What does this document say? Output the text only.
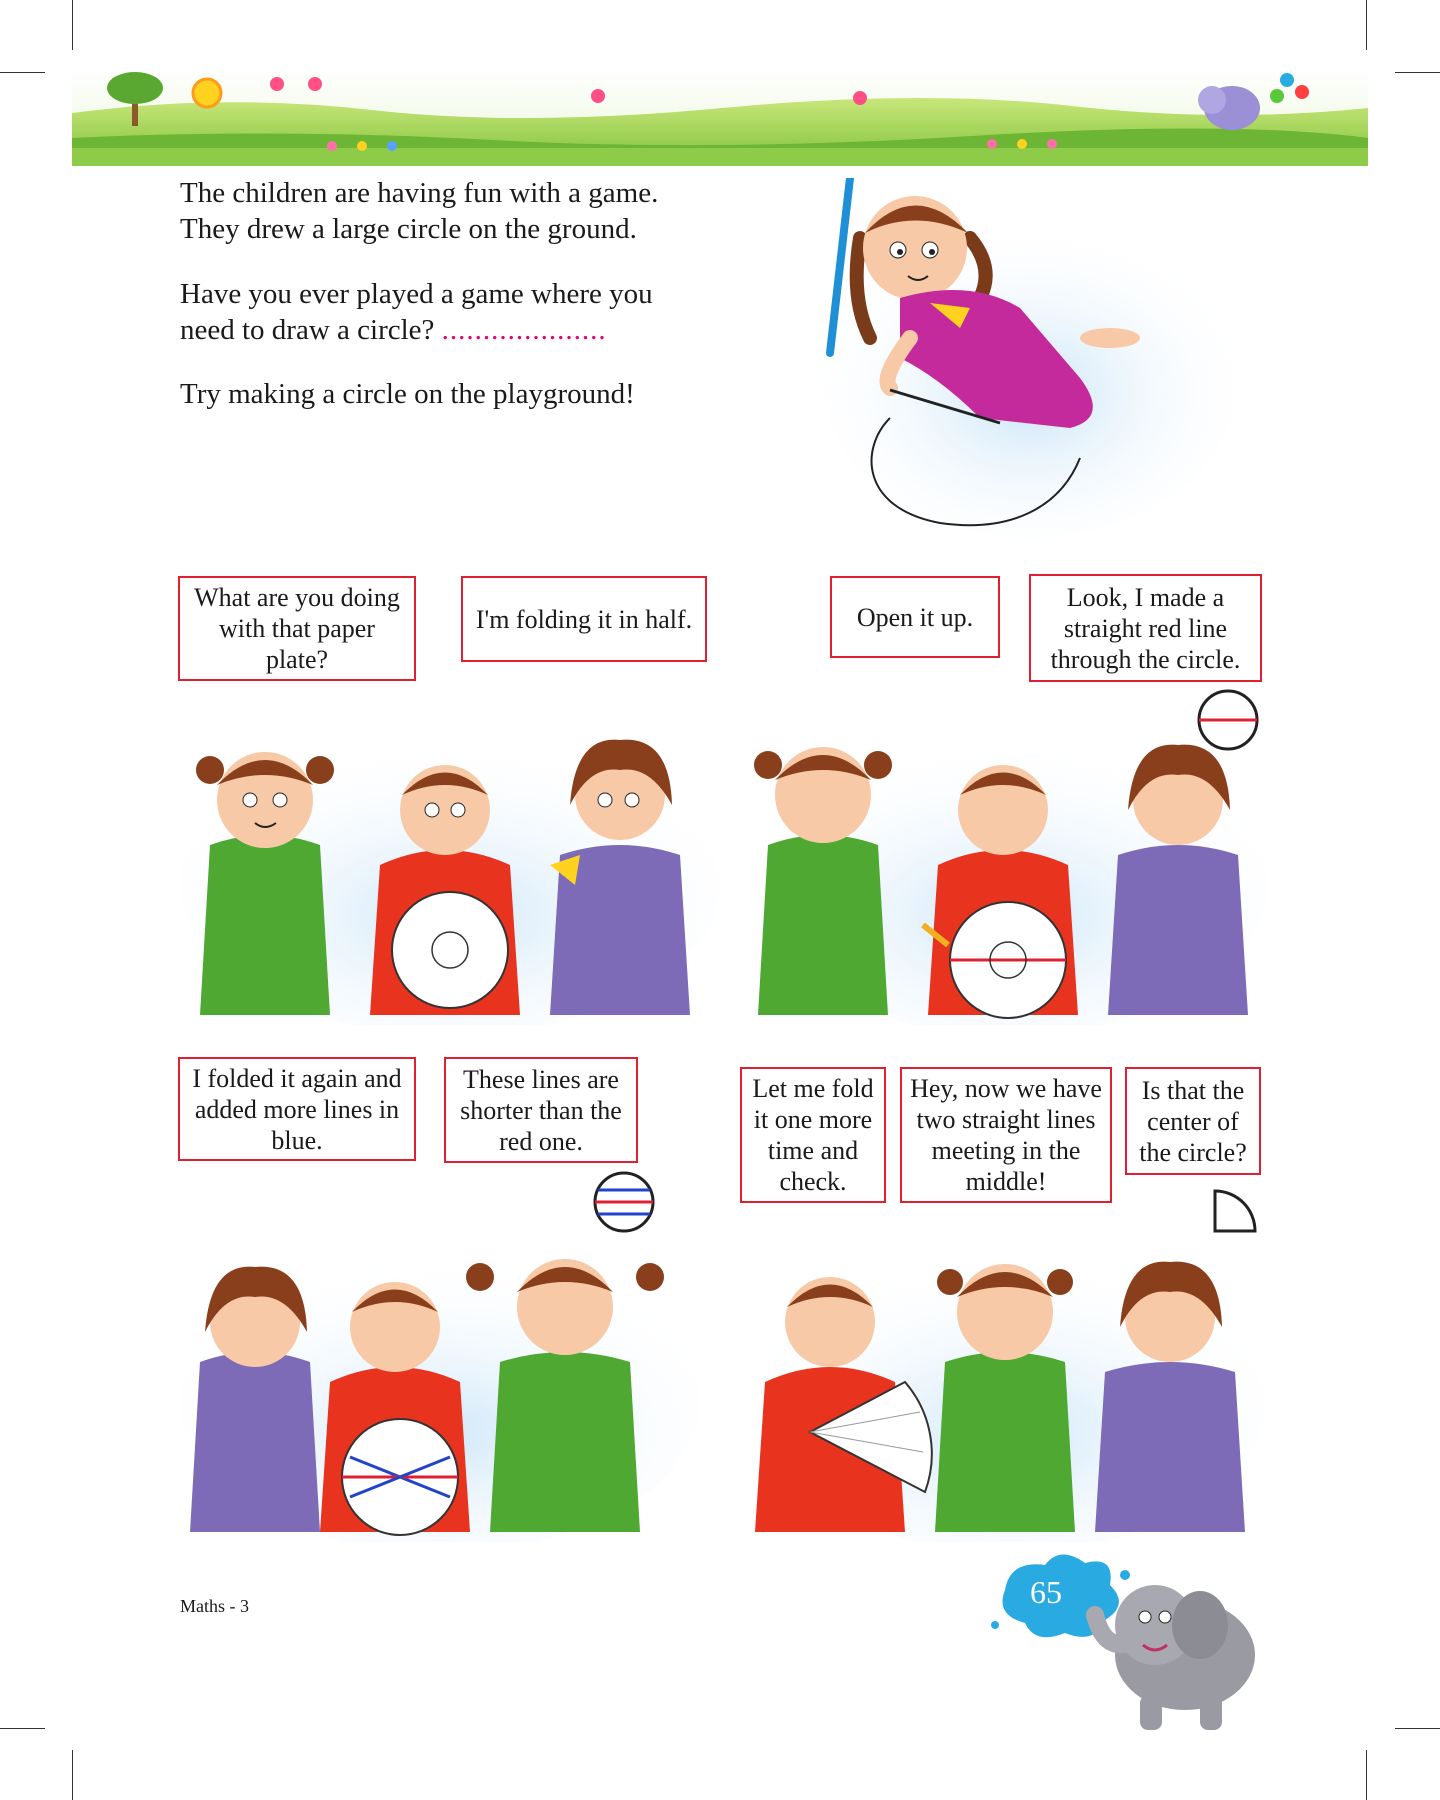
The children are having fun with a game.
They drew a large circle on the ground.
Have you ever played a game where you
need to draw a circle? ....................
Try making a circle on the playground!
What are you doing with that paper plate?
I'm folding it in half.	Open it up.
Look, I made a straight red line through the circle.
I folded it again and added more lines in blue.
These lines are shorter than the red one.
Let me fold it one more time and check.
Hey, now we have two straight lines meeting in the middle!
Is that the center of the circle?
Maths - 3	65
